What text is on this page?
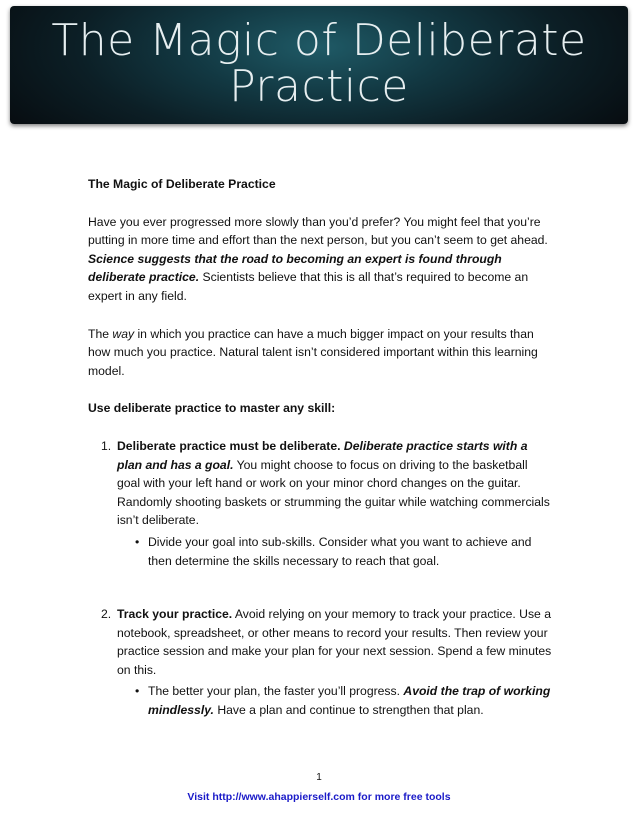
The Magic of Deliberate
Practice

The Magic of Deliberate Practice

Have you ever progressed more slowly than you’d prefer? You might feel that you’re putting in more time and effort than the next person, but you can’t seem to get ahead. Science suggests that the road to becoming an expert is found through deliberate practice. Scientists believe that this is all that’s required to become an expert in any field.

The way in which you practice can have a much bigger impact on your results than how much you practice. Natural talent isn’t considered important within this learning model.

Use deliberate practice to master any skill:

1. Deliberate practice must be deliberate. Deliberate practice starts with a plan and has a goal. You might choose to focus on driving to the basketball goal with your left hand or work on your minor chord changes on the guitar. Randomly shooting baskets or strumming the guitar while watching commercials isn’t deliberate.
• Divide your goal into sub-skills. Consider what you want to achieve and then determine the skills necessary to reach that goal.
2. Track your practice. Avoid relying on your memory to track your practice. Use a notebook, spreadsheet, or other means to record your results. Then review your practice session and make your plan for your next session. Spend a few minutes on this.
• The better your plan, the faster you’ll progress. Avoid the trap of working mindlessly. Have a plan and continue to strengthen that plan.
1
Visit http://www.ahappierself.com for more free tools
